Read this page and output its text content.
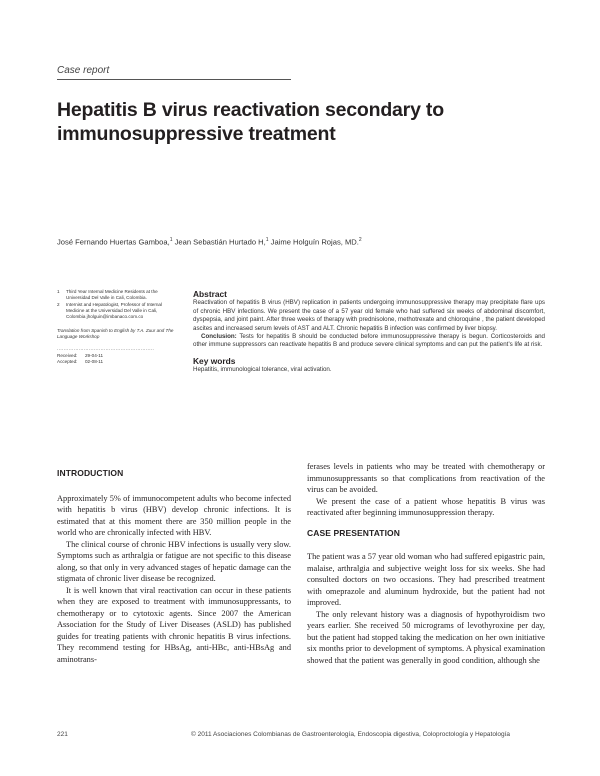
Case report
Hepatitis B virus reactivation secondary to immunosuppressive treatment
José Fernando Huertas Gamboa,$^1$ Jean Sebastián Hurtado H,$^1$ Jaime Holguín Rojas, MD.$^2$
1	Third Year Internal Medicine Residents at the Universidad Del Valle in Cali, Colombia.
2	Internist and Hepatologist, Professor of Internal Medicine at the Universidad Del Valle in Cali, Colombia jholguin@imbanaco.com.co
Translation from Spanish to English by T.A. Zuur and The Language Workshop
..........................................................
Received:	29-04-11
Accepted:	02-08-11
Abstract

Reactivation of hepatitis B virus (HBV) replication in patients undergoing immunosuppressive therapy may precipitate flare ups of chronic HBV infections. We present the case of a 57 year old female who had suffered six weeks of abdominal discomfort, dyspepsia, and joint paint. After three weeks of therapy with prednisolone, methotrexate and chloroquine , the patient developed ascites and increased serum levels of AST and ALT. Chronic hepatitis B infection was confirmed by liver biopsy.

Conclusion: Tests for hepatitis B should be conducted before immunosuppressive therapy is begun. Corticosteroids and other immune suppressors can reactivate hepatitis B and produce severe clinical symptoms and can put the patient’s life at risk.

Key words

Hepatitis, immunological tolerance, viral activation.

INTRODUCTION

Approximately 5% of immunocompetent adults who become infected with hepatitis b virus (HBV) develop chronic infections. It is estimated that at this moment there are 350 million people in the world who are chronically infected with HBV.

The clinical course of chronic HBV infections is usually very slow. Symptoms such as arthralgia or fatigue are not specific to this disease along, so that only in very advanced stages of hepatic damage can the stigmata of chronic liver disease be recognized.

It is well known that viral reactivation can occur in these patients when they are exposed to treatment with immunosuppressants, to chemotherapy or to cytotoxic agents. Since 2007 the American Association for the Study of Liver Diseases (ASLD) has published guides for treating patients with chronic hepatitis B virus infections. They recommend testing for HBsAg, anti-HBc, anti-HBsAg and aminotrans-

ferases levels in patients who may be treated with chemotherapy or immunosuppressants so that complications from reactivation of the virus can be avoided.

We present the case of a patient whose hepatitis B virus was reactivated after beginning immunosuppression therapy.

CASE PRESENTATION

The patient was a 57 year old woman who had suffered epigastric pain, malaise, arthralgia and subjective weight loss for six weeks. She had consulted doctors on two occasions. They had prescribed treatment with omeprazole and aluminum hydroxide, but the patient had not improved.

The only relevant history was a diagnosis of hypothyroidism two years earlier. She received 50 micrograms of levothyroxine per day, but the patient had stopped taking the medication on her own initiative six months prior to development of symptoms. A physical examination showed that the patient was generally in good condition, although she

221	© 2011 Asociaciones Colombianas de Gastroenterología, Endoscopia digestiva, Coloproctología y Hepatología
